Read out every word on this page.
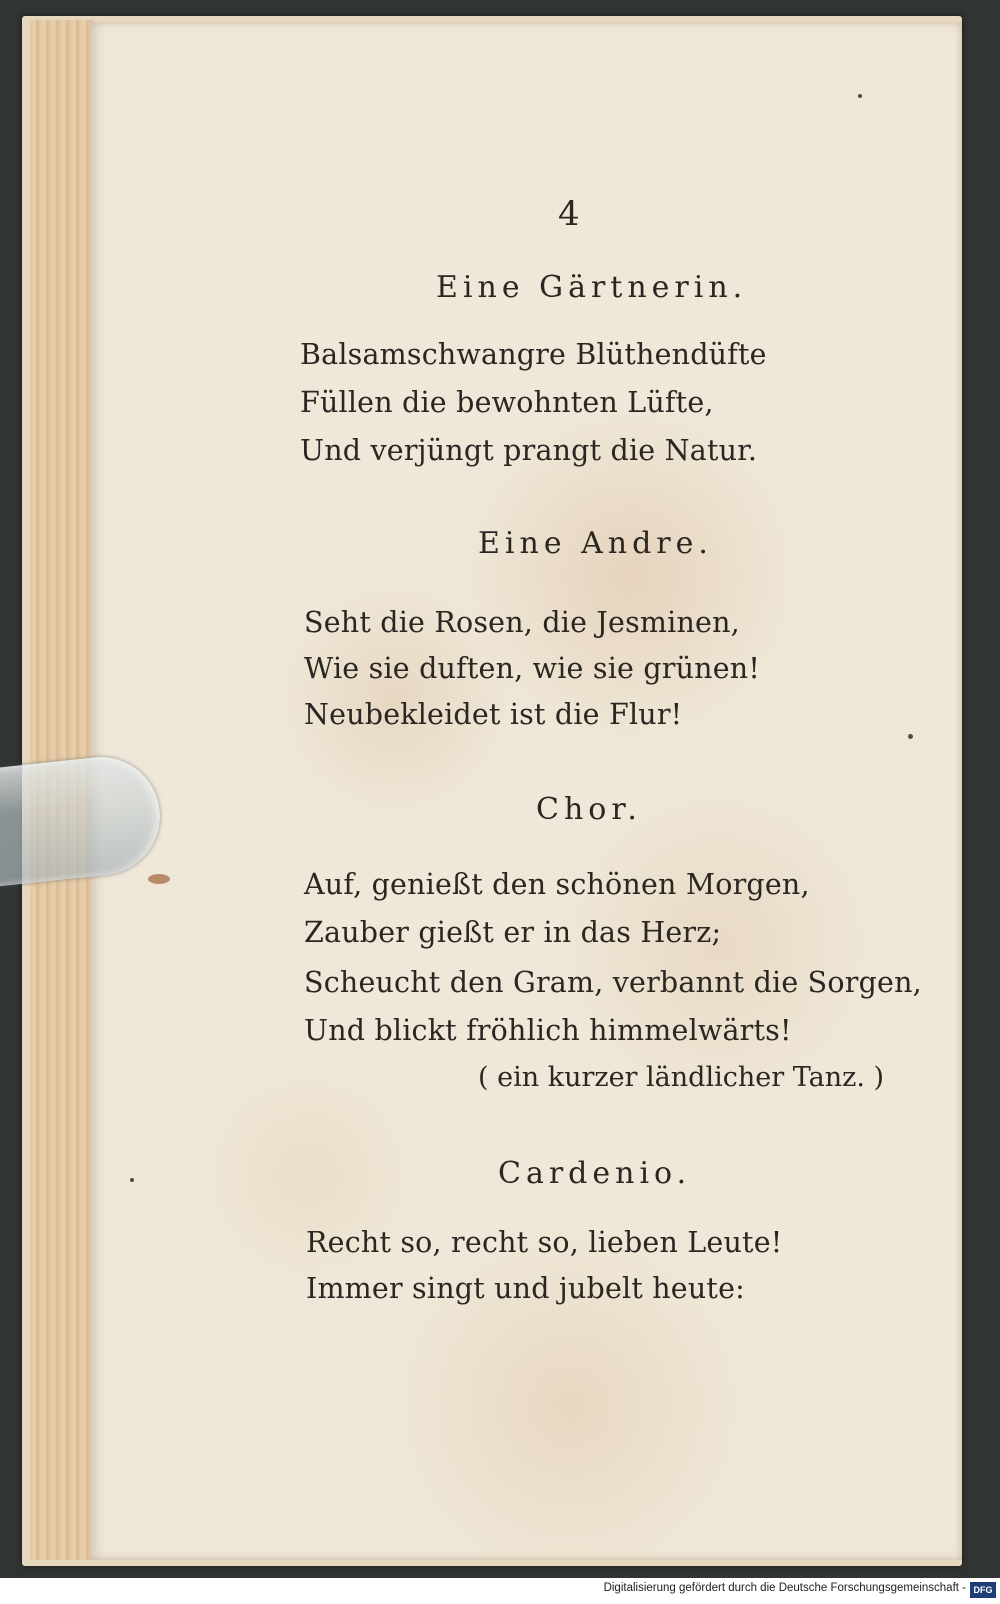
4
Eine Gärtnerin.
Balsamschwangre Blüthendüfte
Füllen die bewohnten Lüfte,
Und verjüngt prangt die Natur.
Eine Andre.
Seht die Rosen, die Jesminen,
Wie sie duften, wie sie grünen!
Neubekleidet ist die Flur!
Chor.
Auf, genießt den schönen Morgen,
Zauber gießt er in das Herz;
Scheucht den Gram, verbannt die Sorgen,
Und blickt fröhlich himmelwärts!
( ein kurzer ländlicher Tanz. )
Cardenio.
Recht so, recht so, lieben Leute!
Immer singt und jubelt heute:
Digitalisierung gefördert durch die Deutsche Forschungsgemeinschaft - DFG
